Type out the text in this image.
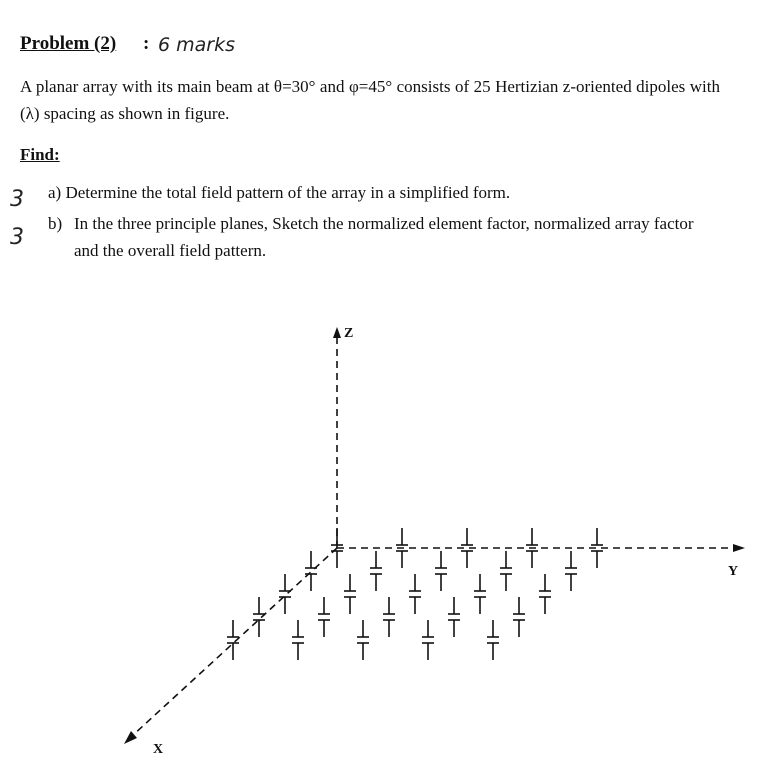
Problem (2) : 6 marks
A planar array with its main beam at θ=30° and φ=45° consists of 25 Hertizian z-oriented dipoles with (λ) spacing as shown in figure.
Find:
3
3
a) Determine the total field pattern of the array in a simplified form.
b) In the three principle planes, Sketch the normalized element factor, normalized array factor and the overall field pattern.
Z
Y
X
